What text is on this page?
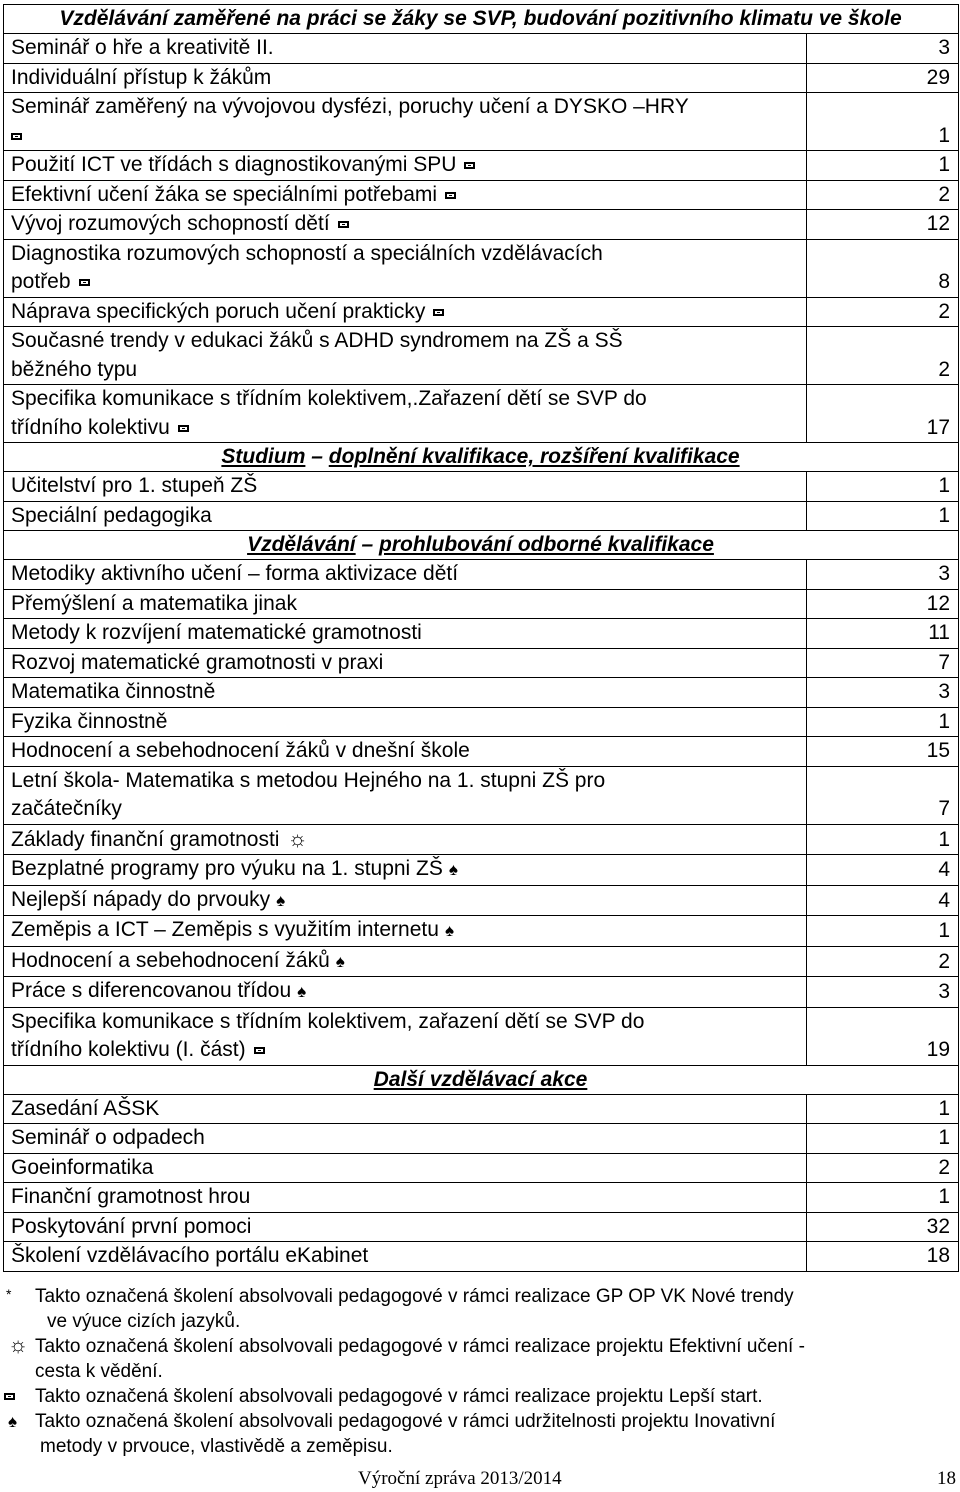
Vzdělávání zaměřené na práci se žáky se SVP, budování pozitivního klimatu ve škole	
Seminář o hře a kreativitě II.	3
Individuální přístup k žákům	29
Seminář zaměřený na vývojovou dysfézi, poruchy učení a DYSKO –HRY	1
Použití ICT ve třídách s diagnostikovanými SPU	1
Efektivní učení žáka se speciálními potřebami	2
Vývoj rozumových schopností dětí	12
Diagnostika rozumových schopností a speciálních vzdělávacích
potřeb	8
Náprava specifických poruch učení prakticky	2
Současné trendy v edukaci žáků s ADHD syndromem na ZŠ a SŠ
běžného typu	2
Specifika komunikace s třídním kolektivem,.Zařazení dětí se SVP do
třídního kolektivu	17
Studium – doplnění kvalifikace, rozšíření kvalifikace	
Učitelství pro 1. stupeň ZŠ	1
Speciální pedagogika	1
Vzdělávání – prohlubování odborné kvalifikace	
Metodiky aktivního učení – forma aktivizace dětí	3
Přemýšlení a matematika jinak	12
Metody k rozvíjení matematické gramotnosti	11
Rozvoj matematické gramotnosti v praxi	7
Matematika činnostně	3
Fyzika činnostně	1
Hodnocení a sebehodnocení žáků v dnešní škole	15
Letní škola- Matematika s metodou Hejného na 1. stupni ZŠ pro
začátečníky	7
Základy finanční gramotnosti ☼	1
Bezplatné programy pro výuku na 1. stupni ZŠ ♠	4
Nejlepší nápady do prvouky ♠	4
Zeměpis a ICT – Zeměpis s využitím internetu ♠	1
Hodnocení a sebehodnocení žáků ♠	2
Práce s diferencovanou třídou ♠	3
Specifika komunikace s třídním kolektivem, zařazení dětí se SVP do
třídního kolektivu (I. část)	19
Další vzdělávací akce	
Zasedání AŠSK	1
Seminář o odpadech	1
Goeinformatika	2
Finanční gramotnost hrou	1
Poskytování první pomoci	32
Školení vzdělávacího portálu eKabinet	18
* Takto označená školení absolvovali pedagogové v rámci realizace GP OP VK Nové trendy
ve výuce cizích jazyků.
☼ Takto označená školení absolvovali pedagogové v rámci realizace projektu Efektivní učení -
cesta k vědění.
Takto označená školení absolvovali pedagogové v rámci realizace projektu Lepší start.
♠ Takto označená školení absolvovali pedagogové v rámci udržitelnosti projektu Inovativní
metody v prvouce, vlastivědě a zeměpisu.
Výroční zpráva 2013/2014	18
